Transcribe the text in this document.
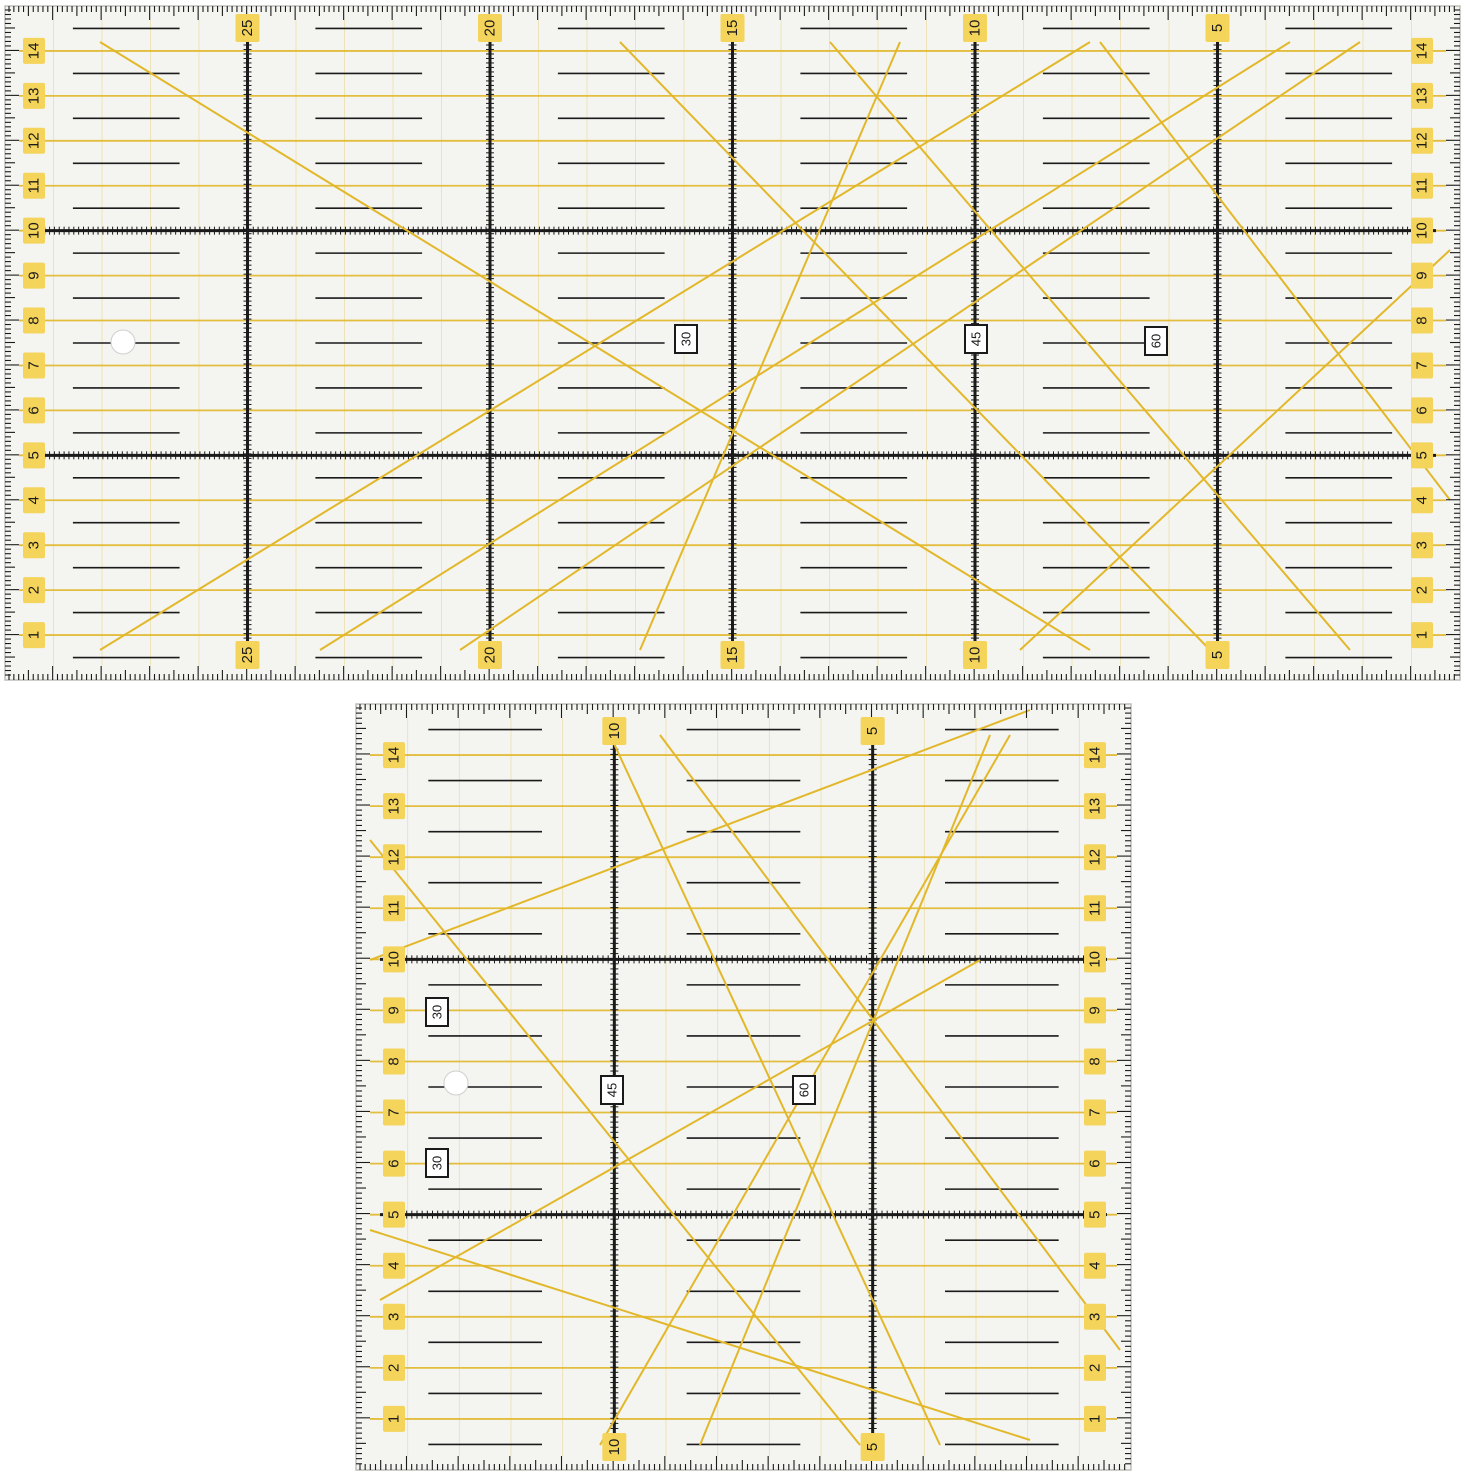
1	1
2	2
3	3
4	4
5	5
6	6
7	7
8	8
9	9
10	10
11	11
12	12
13	13
14	14
25
25
20
20
15
15
10
10
5
5
30	45	60
1	1
2	2
3	3
4	4
5	5
6	6
7	7
8	8
9	9
10	10
11	11
12	12
13	13
14	14
10
10
5
5
30
30
45	60
